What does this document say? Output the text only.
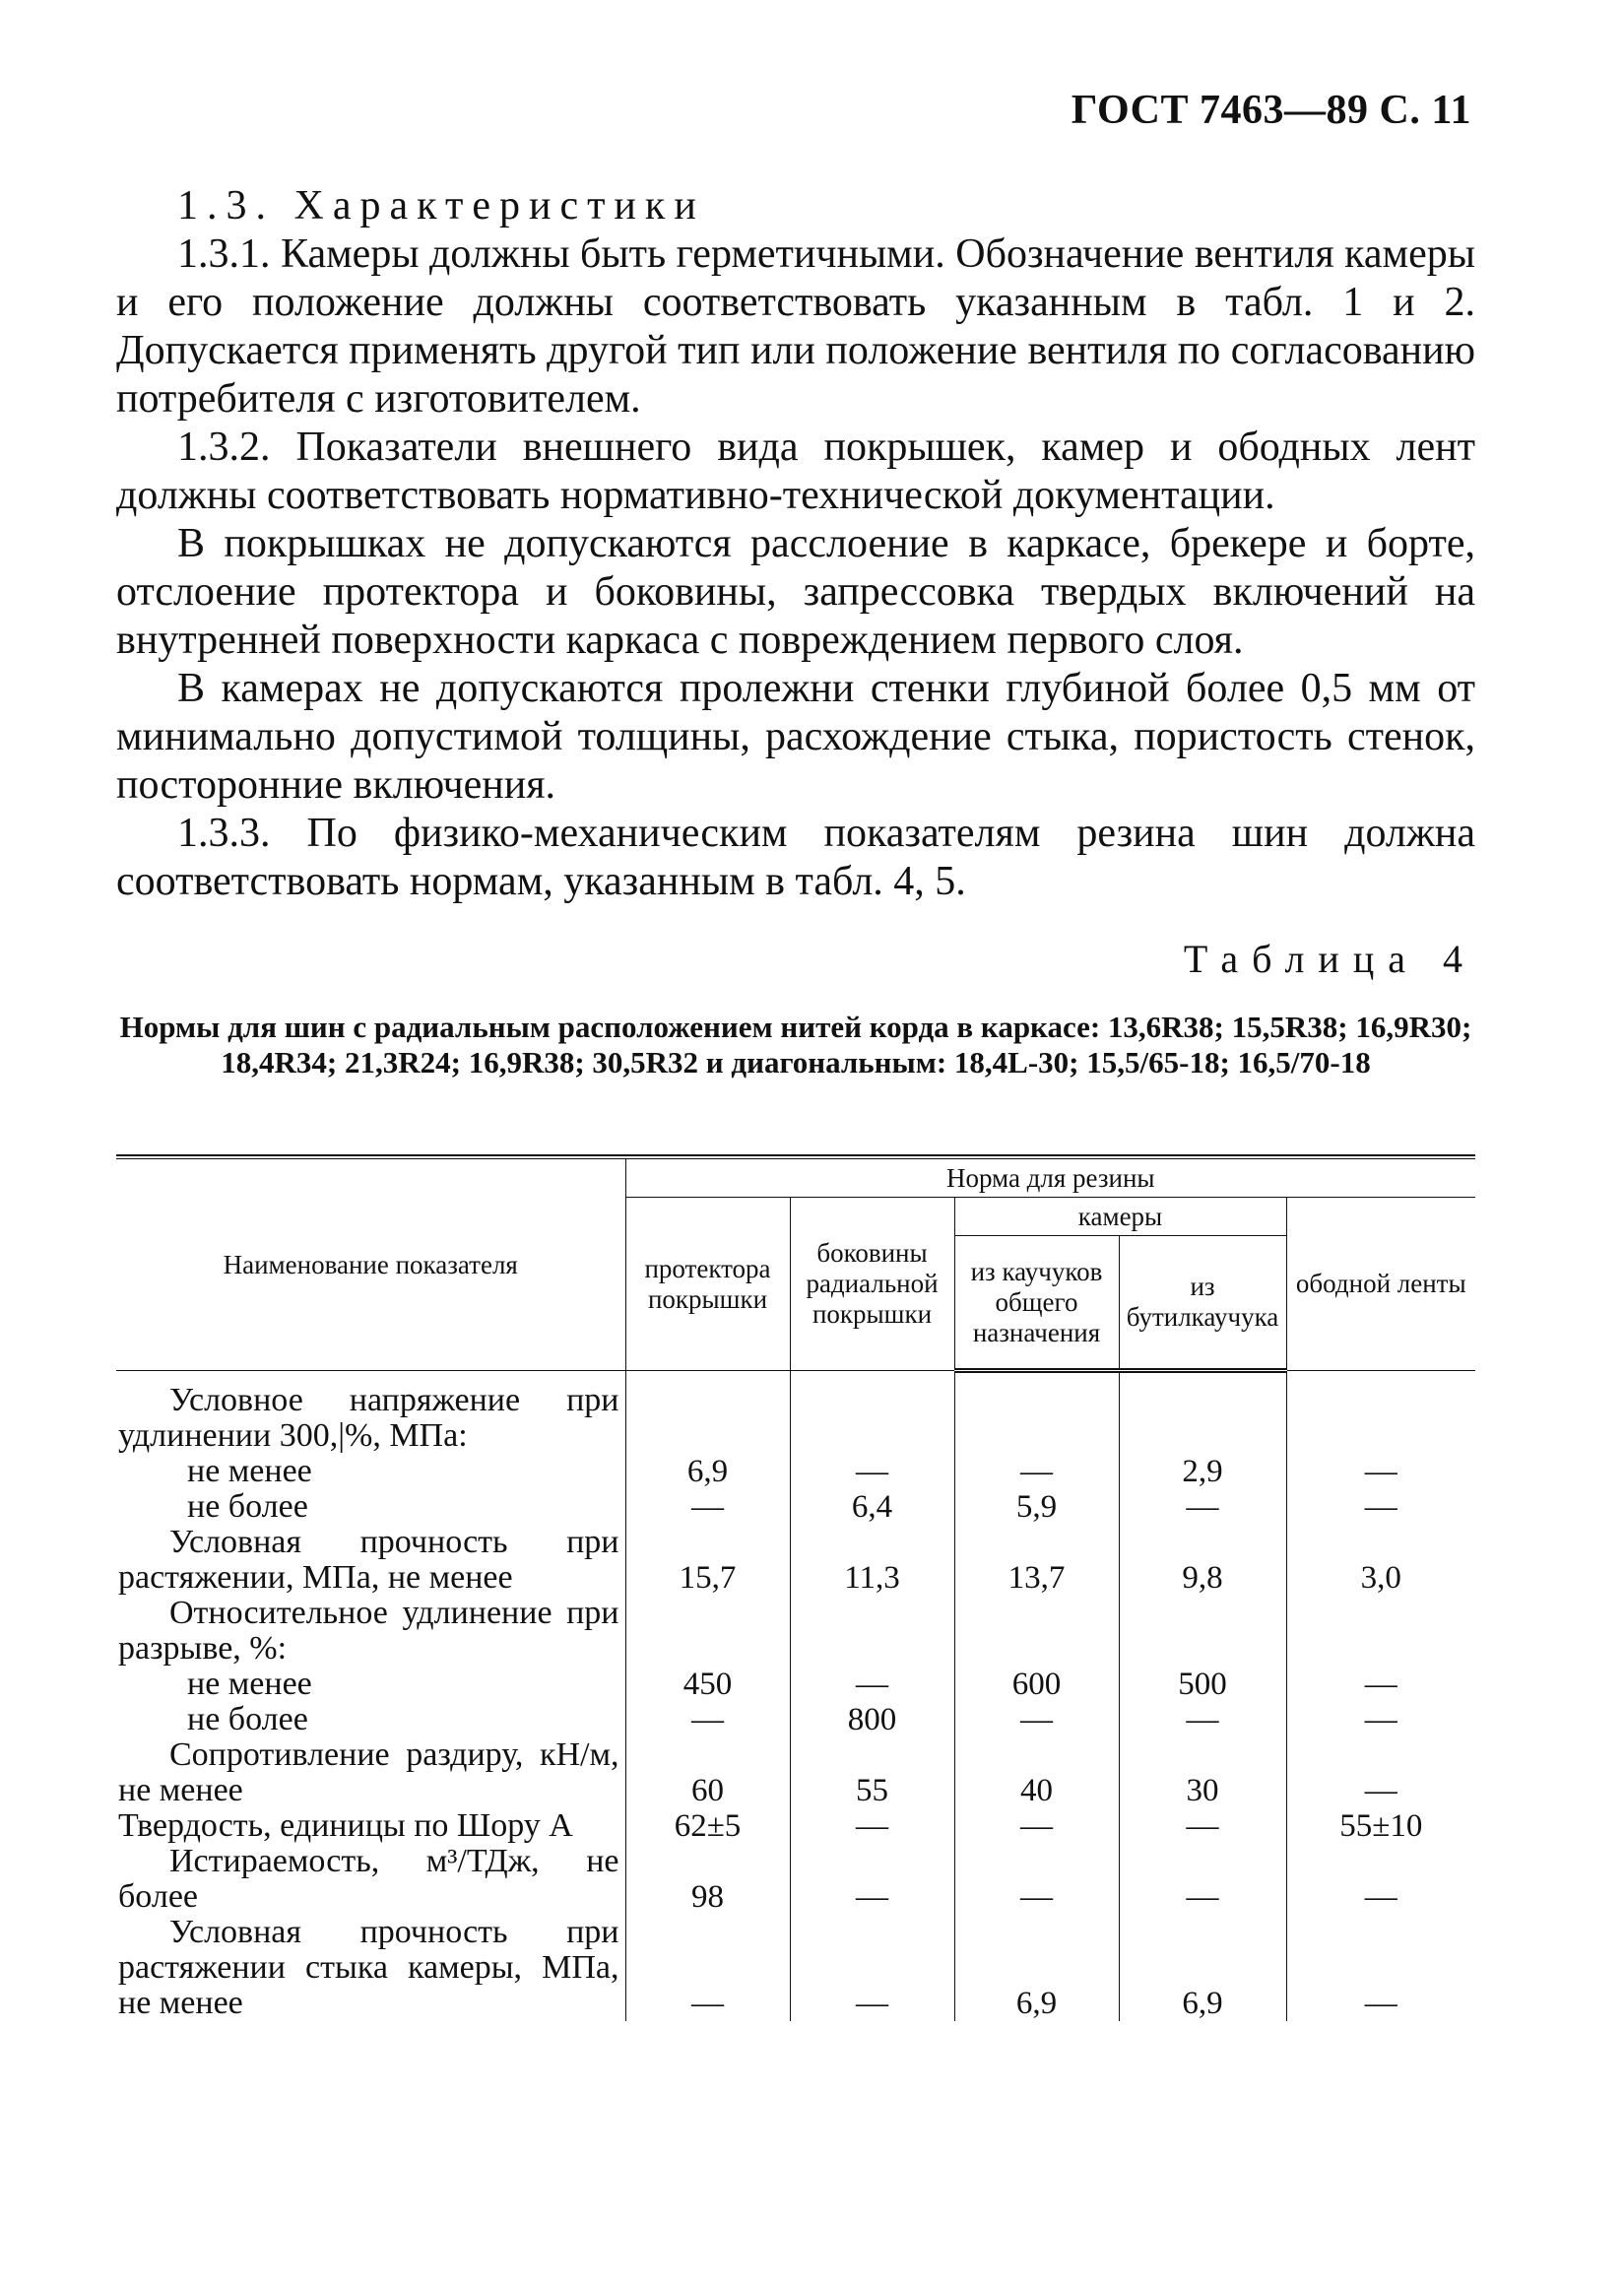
ГОСТ 7463—89 С. 11

1.3. Характеристики

1.3.1. Камеры должны быть герметичными. Обозначение вентиля камеры и его положение должны соответствовать указанным в табл. 1 и 2. Допускается применять другой тип или положение вентиля по согласованию потребителя с изготовителем.

1.3.2. Показатели внешнего вида покрышек, камер и ободных лент должны соответствовать нормативно-технической документации.

В покрышках не допускаются расслоение в каркасе, брекере и борте, отслоение протектора и боковины, запрессовка твердых включений на внутренней поверхности каркаса с повреждением первого слоя.

В камерах не допускаются пролежни стенки глубиной более 0,5 мм от минимально допустимой толщины, расхождение стыка, пористость стенок, посторонние включения.

1.3.3. По физико-механическим показателям резина шин должна соответствовать нормам, указанным в табл. 4, 5.

Таблица 4
Нормы для шин с радиальным расположением нитей корда в каркасе: 13,6R38; 15,5R38; 16,9R30; 18,4R34; 21,3R24; 16,9R38; 30,5R32 и диагональным: 18,4L-30; 15,5/65-18; 16,5/70-18
Наименование показателя	Норма для резины				
	протектора покрышки	боковины радиальной покрышки	камеры		ободной ленты
			из каучуков общего назначения	из бутилкаучука	

Условное напряжение при удлинении 300,|%, МПа:					
не менее	6,9	—	—	2,9	—
не более	—	6,4	5,9	—	—
Условная прочность при растяжении, МПа, не менее	15,7	11,3	13,7	9,8	3,0
Относительное удлинение при разрыве, %:					
не менее	450	—	600	500	—
не более	—	800	—	—	—
Сопротивление раздиру, кН/м, не менее	60	55	40	30	—
Твердость, единицы по Шору А	62±5	—	—	—	55±10
Истираемость, м³/ТДж, не более	98	—	—	—	—
Условная прочность при растяжении стыка камеры, МПа, не менее	—	—	6,9	6,9	—
